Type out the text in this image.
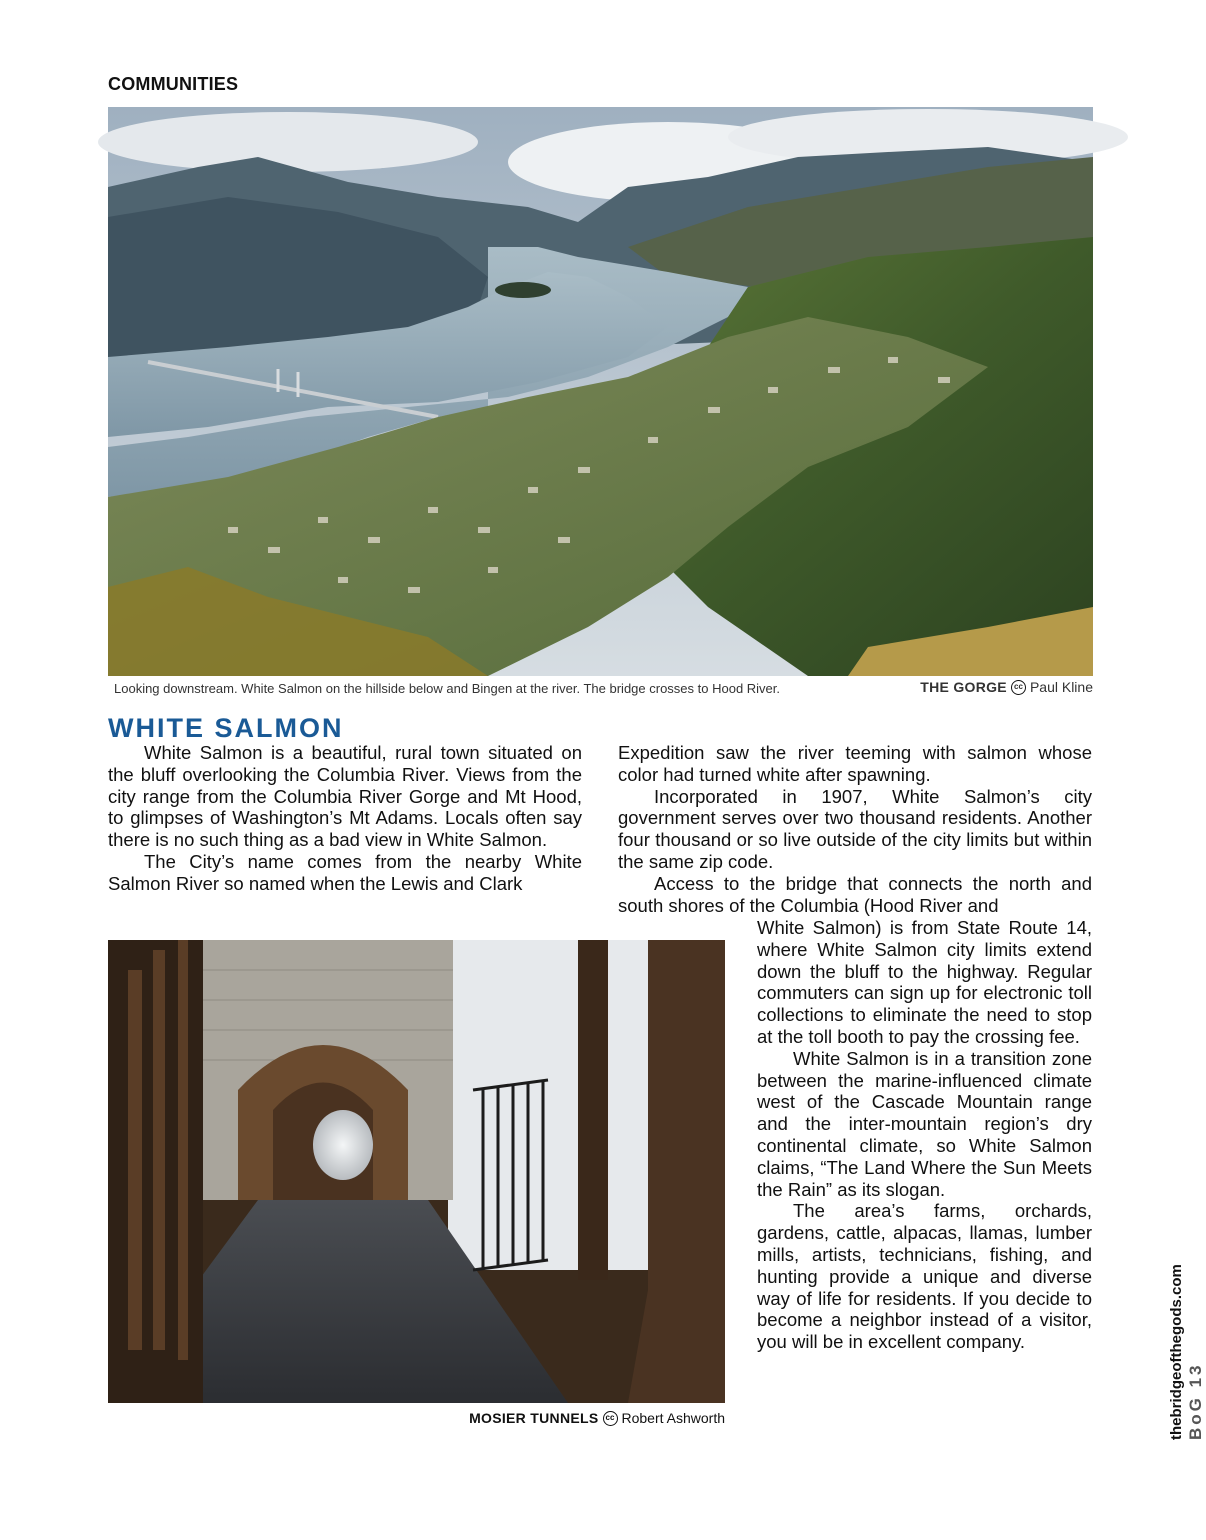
COMMUNITIES
Looking downstream. White Salmon on the hillside below and Bingen at the river. The bridge crosses to Hood River.	THE GORGE cc Paul Kline
WHITE SALMON

White Salmon is a beautiful, rural town situated on the bluff overlooking the Columbia River. Views from the city range from the Columbia River Gorge and Mt Hood, to glimpses of Washington’s Mt Adams. Locals often say there is no such thing as a bad view in White Salmon.

The City’s name comes from the nearby White Salmon River so named when the Lewis and Clark

Expedition saw the river teeming with salmon whose color had turned white after spawning.

Incorporated in 1907, White Salmon’s city government serves over two thousand residents. Another four thousand or so live outside of the city limits but within the same zip code.

Access to the bridge that connects the north and south shores of the Columbia (Hood River and

White Salmon) is from State Route 14, where White Salmon city limits extend down the bluff to the highway. Regular commuters can sign up for electronic toll collections to eliminate the need to stop at the toll booth to pay the crossing fee.

White Salmon is in a transition zone between the marine-influenced climate west of the Cascade Mountain range and the inter-mountain region’s dry continental climate, so White Salmon claims, “The Land Where the Sun Meets the Rain” as its slogan.

The area’s farms, orchards, gardens, cattle, alpacas, llamas, lumber mills, artists, technicians, fishing, and hunting provide a unique and diverse way of life for residents. If you decide to become a neighbor instead of a visitor, you will be in excellent company.

MOSIER TUNNELS cc Robert Ashworth	thebridgeofthegods.com BoG 13
